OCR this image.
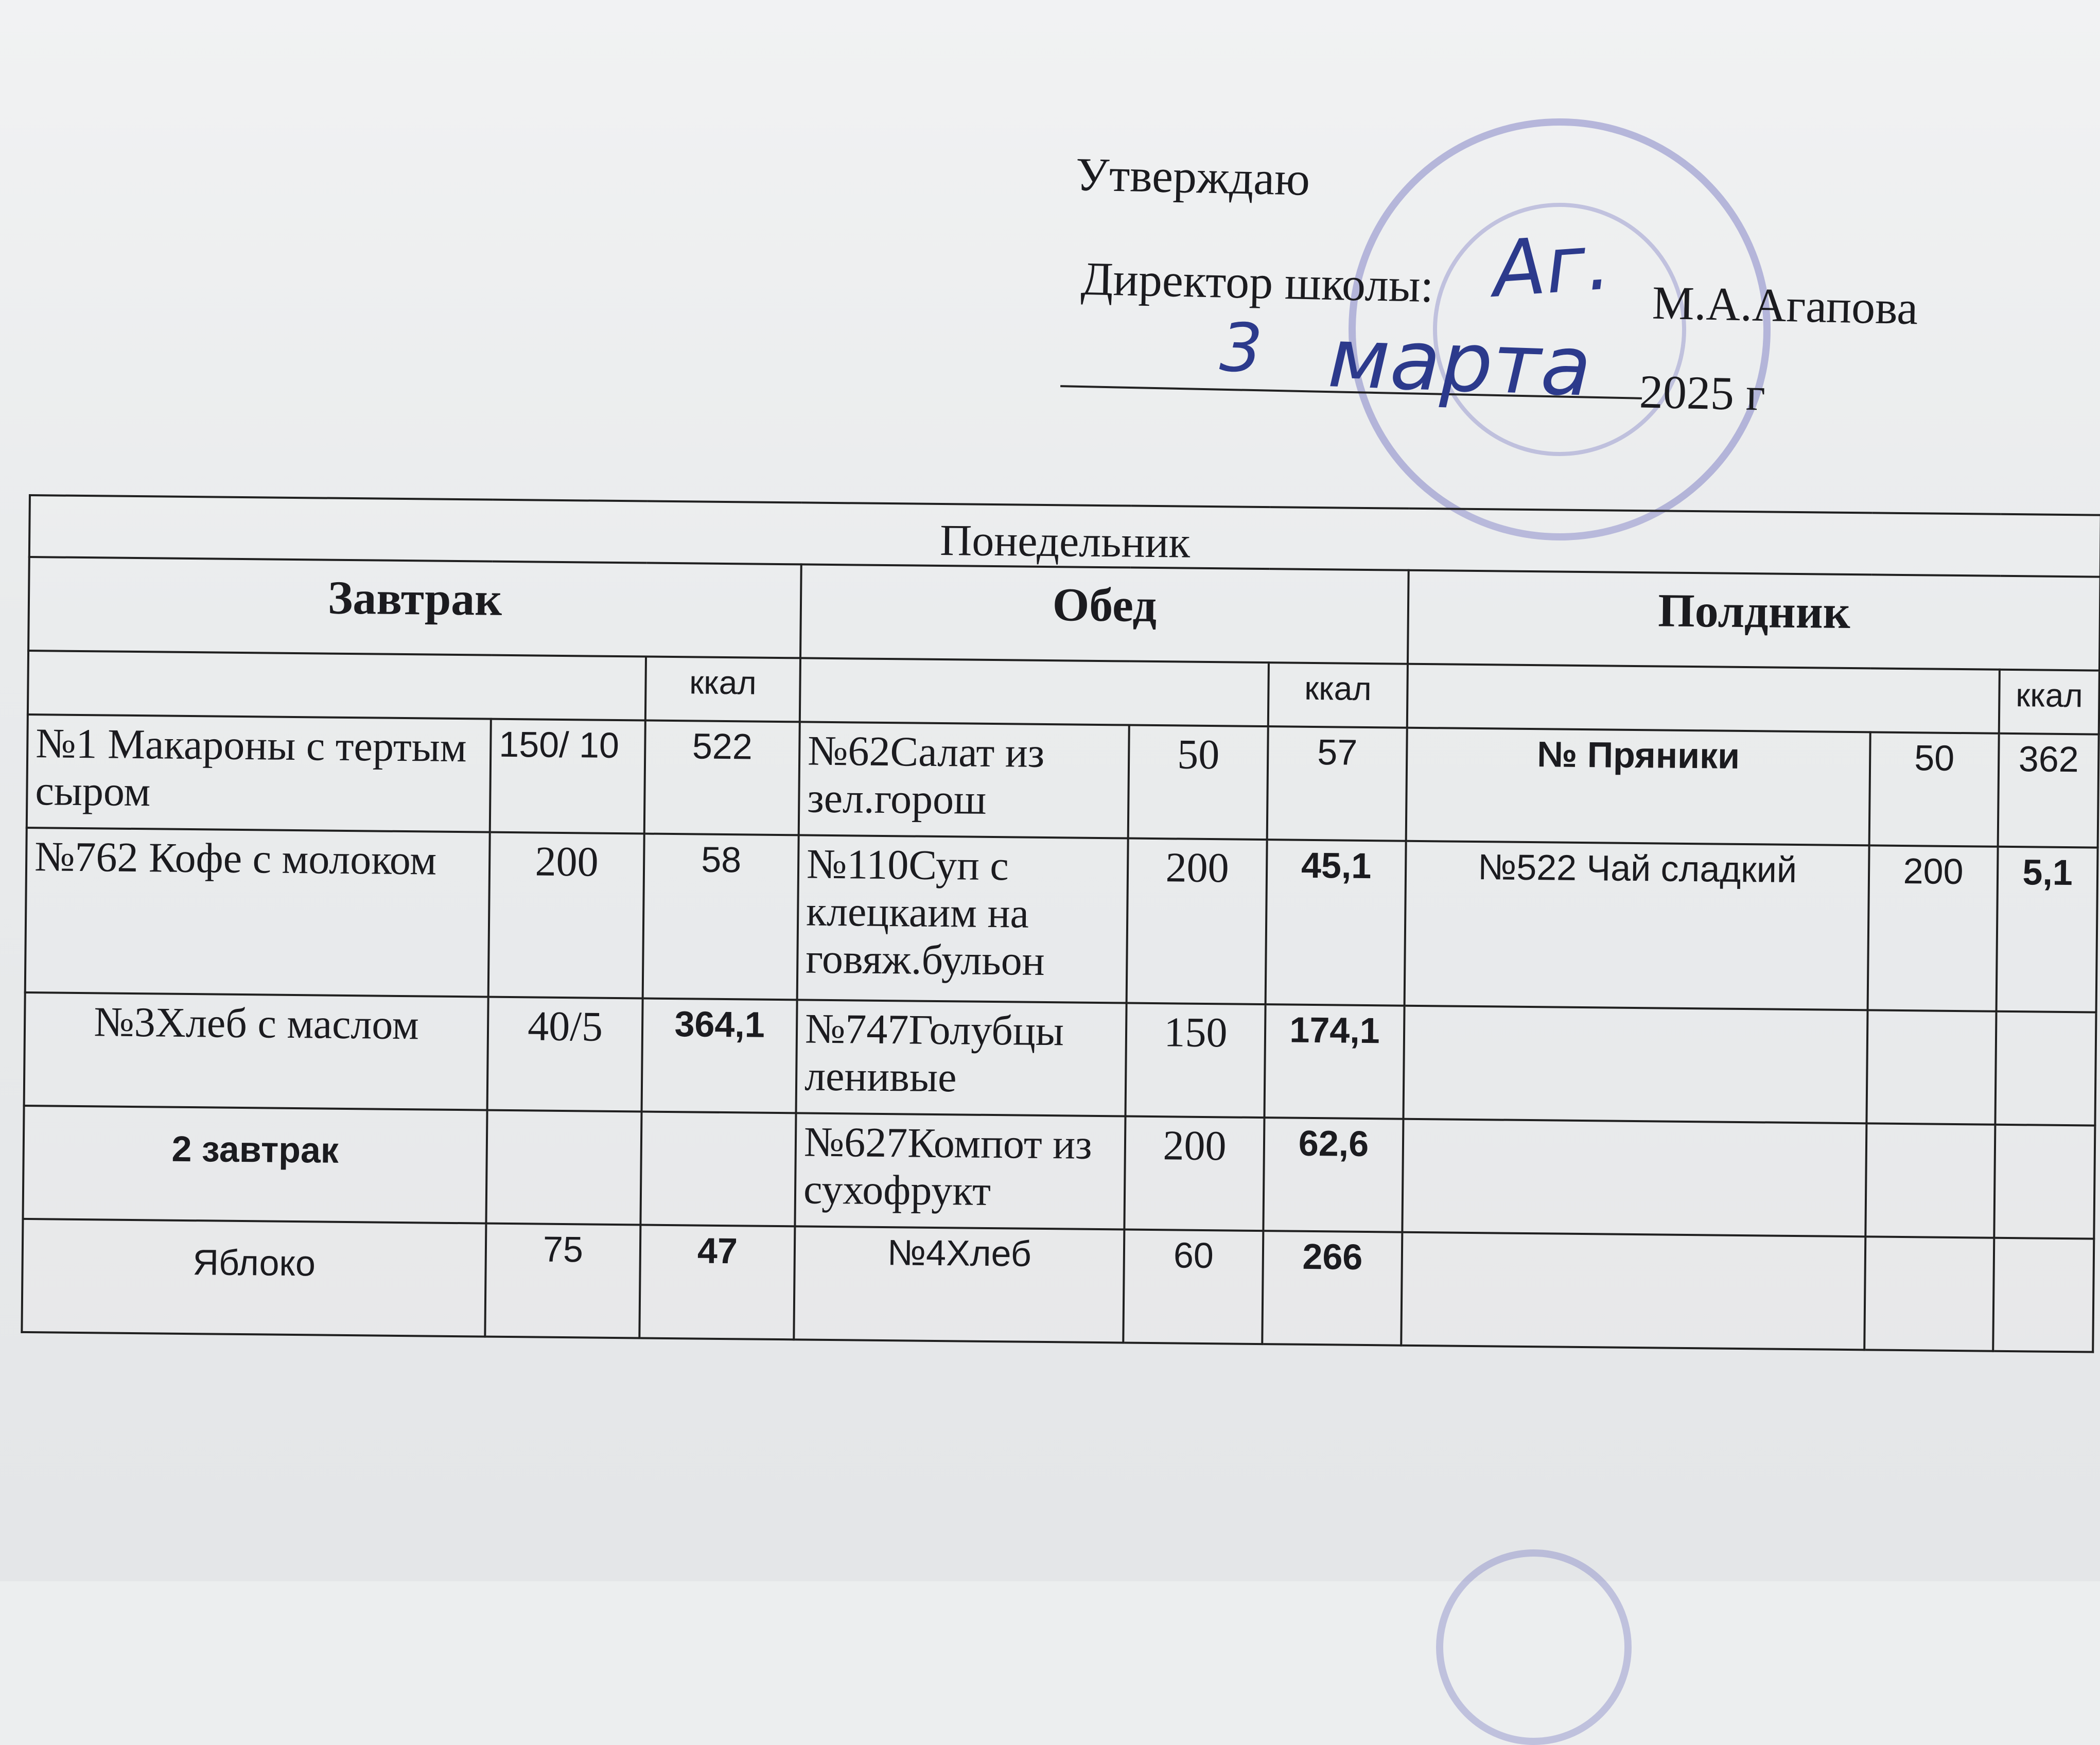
Утверждаю
Директор школы:	М.А.Агапова
Аг.
3 марта 2025 г
Понедельник								
Завтрак			Обед			Полдник		
		ккал			ккал			ккал
№1 Макароны с тертым сыром	150/ 10	522	№62Салат из зел.горош	50	57	№ Пряники	50	362
№762 Кофе с молоком	200	58	№110Суп с клецкаим на говяж.бульон	200	45,1	№522 Чай сладкий	200	5,1
№3Хлеб с маслом	40/5	364,1	№747Голубцы ленивые	150	174,1			
2 завтрак			№627Компот из сухофрукт	200	62,6			
Яблоко	75	47	№4Хлеб	60	266			
